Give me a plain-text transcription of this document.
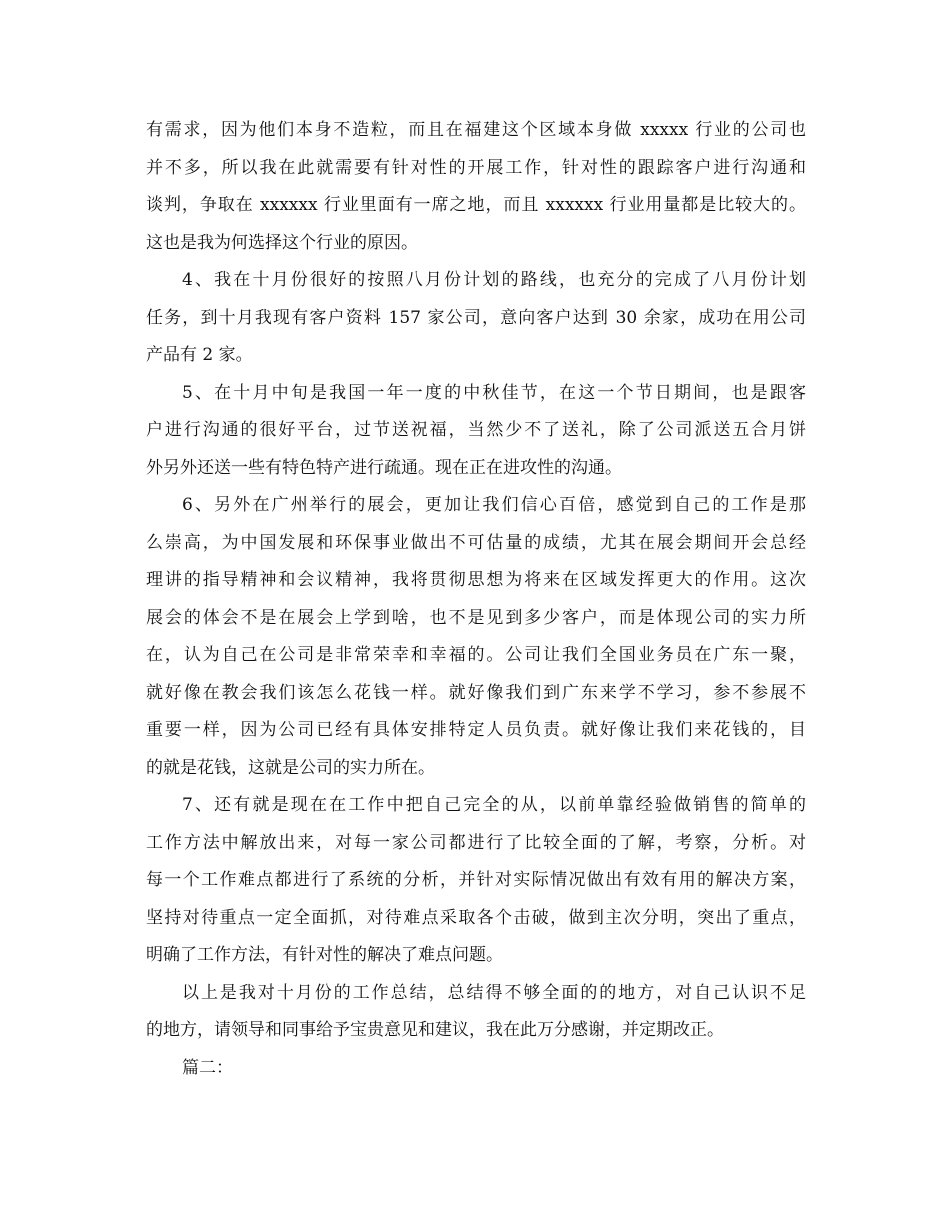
有需求，因为他们本身不造粒，而且在福建这个区域本身做 xxxxx 行业的公司也
并不多，所以我在此就需要有针对性的开展工作，针对性的跟踪客户进行沟通和
谈判，争取在 xxxxxx 行业里面有一席之地，而且 xxxxxx 行业用量都是比较大的。
这也是我为何选择这个行业的原因。
4、我在十月份很好的按照八月份计划的路线，也充分的完成了八月份计划
任务，到十月我现有客户资料 157 家公司，意向客户达到 30 余家，成功在用公司
产品有 2 家。
5、在十月中旬是我国一年一度的中秋佳节，在这一个节日期间，也是跟客
户进行沟通的很好平台，过节送祝福，当然少不了送礼，除了公司派送五合月饼
外另外还送一些有特色特产进行疏通。现在正在进攻性的沟通。
6、另外在广州举行的展会，更加让我们信心百倍，感觉到自己的工作是那
么崇高，为中国发展和环保事业做出不可估量的成绩，尤其在展会期间开会总经
理讲的指导精神和会议精神，我将贯彻思想为将来在区域发挥更大的作用。这次
展会的体会不是在展会上学到啥，也不是见到多少客户，而是体现公司的实力所
在，认为自己在公司是非常荣幸和幸福的。公司让我们全国业务员在广东一聚，
就好像在教会我们该怎么花钱一样。就好像我们到广东来学不学习，参不参展不
重要一样，因为公司已经有具体安排特定人员负责。就好像让我们来花钱的，目
的就是花钱，这就是公司的实力所在。
7、还有就是现在在工作中把自己完全的从，以前单靠经验做销售的简单的
工作方法中解放出来，对每一家公司都进行了比较全面的了解，考察，分析。对
每一个工作难点都进行了系统的分析，并针对实际情况做出有效有用的解决方案，
坚持对待重点一定全面抓，对待难点采取各个击破，做到主次分明，突出了重点，
明确了工作方法，有针对性的解决了难点问题。
以上是我对十月份的工作总结，总结得不够全面的的地方，对自己认识不足
的地方，请领导和同事给予宝贵意见和建议，我在此万分感谢，并定期改正。
篇二：
